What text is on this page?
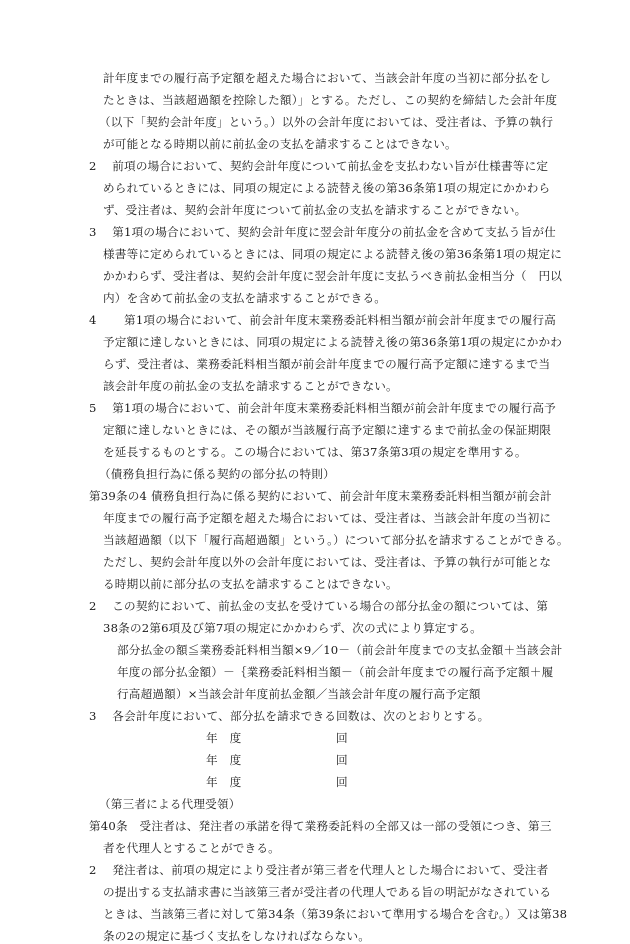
計年度までの履行高予定額を超えた場合において、当該会計年度の当初に部分払をし
たときは、当該超過額を控除した額）」とする。ただし、この契約を締結した会計年度
（以下「契約会計年度」という。）以外の会計年度においては、受注者は、予算の執行
が可能となる時期以前に前払金の支払を請求することはできない。
2　 前項の場合において、契約会計年度について前払金を支払わない旨が仕様書等に定
められているときには、同項の規定による読替え後の第36条第1項の規定にかかわら
ず、受注者は、契約会計年度について前払金の支払を請求することができない。
3　 第1項の場合において、契約会計年度に翌会計年度分の前払金を含めて支払う旨が仕
様書等に定められているときには、同項の規定による読替え後の第36条第1項の規定に
かかわらず、受注者は、契約会計年度に翌会計年度に支払うべき前払金相当分（　円以
内）を含めて前払金の支払を請求することができる。
4　　 第1項の場合において、前会計年度末業務委託料相当額が前会計年度までの履行高
予定額に達しないときには、同項の規定による読替え後の第36条第1項の規定にかかわ
らず、受注者は、業務委託料相当額が前会計年度までの履行高予定額に達するまで当
該会計年度の前払金の支払を請求することができない。
5　 第1項の場合において、前会計年度末業務委託料相当額が前会計年度までの履行高予
定額に達しないときには、その額が当該履行高予定額に達するまで前払金の保証期限
を延長するものとする。この場合においては、第37条第3項の規定を準用する。
（債務負担行為に係る契約の部分払の特則）
第39条の4 債務負担行為に係る契約において、前会計年度末業務委託料相当額が前会計
年度までの履行高予定額を超えた場合においては、受注者は、当該会計年度の当初に
当該超過額（以下「履行高超過額」という。）について部分払を請求することができる。
ただし、契約会計年度以外の会計年度においては、受注者は、予算の執行が可能とな
る時期以前に部分払の支払を請求することはできない。
2　 この契約において、前払金の支払を受けている場合の部分払金の額については、第
38条の2第6項及び第7項の規定にかかわらず、次の式により算定する。
部分払金の額≦業務委託料相当額×9／10－（前会計年度までの支払金額＋当該会計
年度の部分払金額）－｛業務委託料相当額－（前会計年度までの履行高予定額＋履
行高超過額）×当該会計年度前払金額／当該会計年度の履行高予定額
3　 各会計年度において、部分払を請求できる回数は、次のとおりとする。
年　度	回
年　度	回
年　度	回
（第三者による代理受領）
第40条　受注者は、発注者の承諾を得て業務委託料の全部又は一部の受領につき、第三
者を代理人とすることができる。
2　 発注者は、前項の規定により受注者が第三者を代理人とした場合において、受注者
の提出する支払請求書に当該第三者が受注者の代理人である旨の明記がなされている
ときは、当該第三者に対して第34条（第39条において準用する場合を含む。）又は第38
条の2の規定に基づく支払をしなければならない。
